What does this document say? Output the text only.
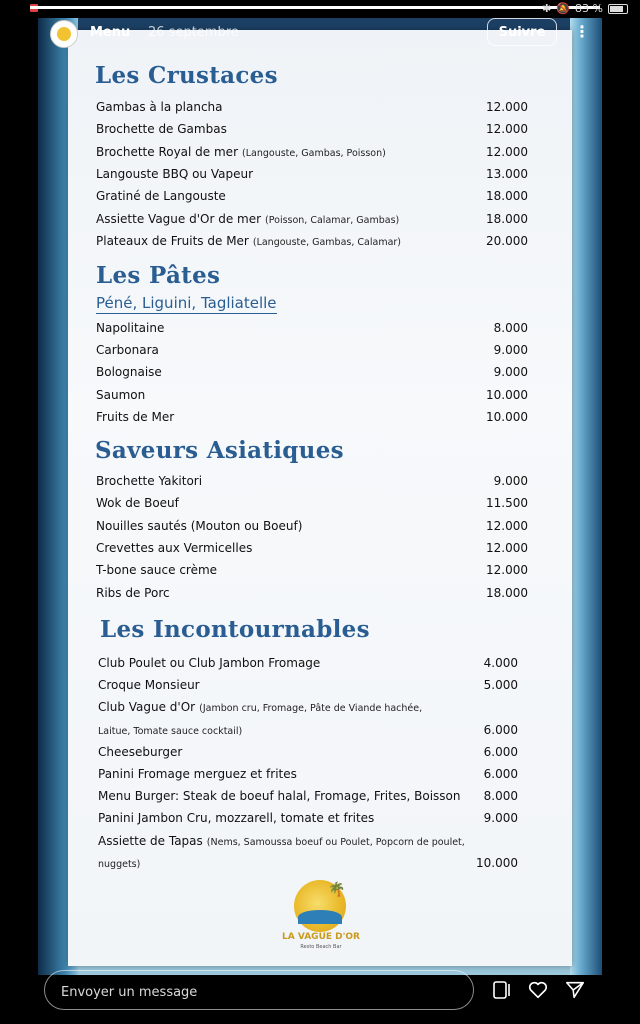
✱ 🔕 83 %
Menu 26 septembre	Suivre	⋮
Les Crustaces
Gambas à la plancha	12.000
Brochette de Gambas	12.000
Brochette Royal de mer (Langouste, Gambas, Poisson)	12.000
Langouste BBQ ou Vapeur	13.000
Gratiné de Langouste	18.000
Assiette Vague d'Or de mer (Poisson, Calamar, Gambas)	18.000
Plateaux de Fruits de Mer (Langouste, Gambas, Calamar)	20.000
Les Pâtes
Péné, Liguini, Tagliatelle
Napolitaine	8.000
Carbonara	9.000
Bolognaise	9.000
Saumon	10.000
Fruits de Mer	10.000
Saveurs Asiatiques
Brochette Yakitori	9.000
Wok de Boeuf	11.500
Nouilles sautés (Mouton ou Boeuf)	12.000
Crevettes aux Vermicelles	12.000
T-bone sauce crème	12.000
Ribs de Porc	18.000
Les Incontournables
Club Poulet ou Club Jambon Fromage	4.000
Croque Monsieur	5.000
Club Vague d'Or (Jambon cru, Fromage, Pâte de Viande hachée,
Laitue, Tomate sauce cocktail)	6.000
Cheeseburger	6.000
Panini Fromage merguez et frites	6.000
Menu Burger: Steak de boeuf halal, Fromage, Frites, Boisson	8.000
Panini Jambon Cru, mozzarell, tomate et frites	9.000
Assiette de Tapas (Nems, Samoussa boeuf ou Poulet, Popcorn de poulet,
nuggets)	10.000
🌴
LA VAGUE D'OR
Resto Beach Bar
Envoyer un message
